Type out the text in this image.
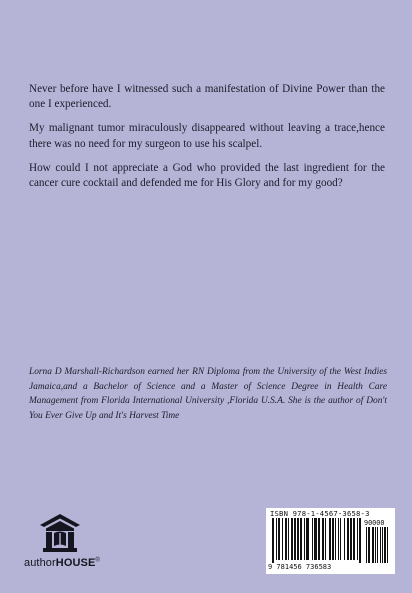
Never before have I witnessed such a manifestation of Divine Power than the one I experienced.

My malignant tumor miraculously disappeared without leaving a trace,hence there was no need for my surgeon to use his scalpel.

How could I not appreciate a God who provided the last ingredient for the cancer cure cocktail and defended me for His Glory and for my good?

Lorna D Marshall-Richardson earned her RN Diploma from the University of the West Indies Jamaica,and a Bachelor of Science and a Master of Science Degree in Health Care Management from Florida International University ,Florida U.S.A. She is the author of Don't You Ever Give Up and It's Harvest Time
authorHOUSE®
ISBN 978-1-4567-3658-3
90000
9 781456 736583
